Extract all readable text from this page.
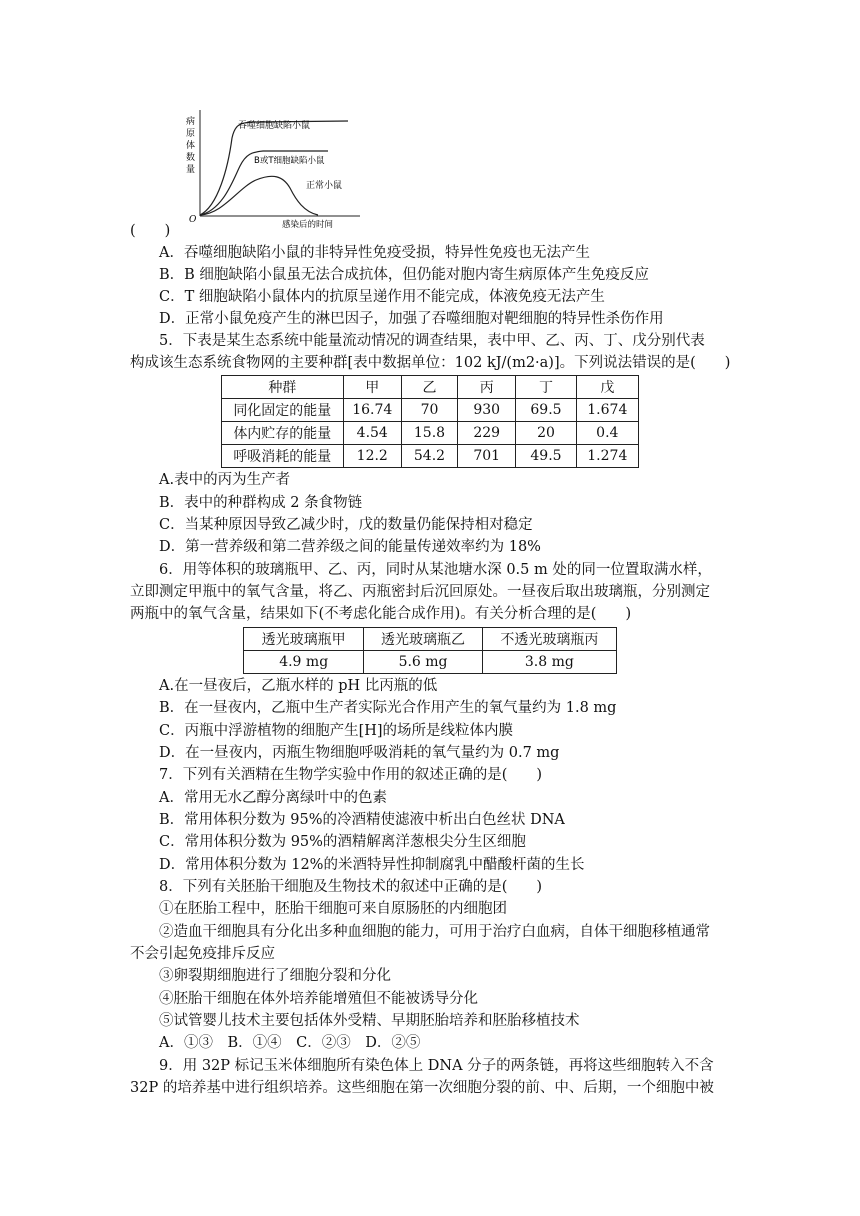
病
原
体
数
量
O
吞噬细胞缺陷小鼠
B或T细胞缺陷小鼠
正常小鼠
感染后的时间
(　　)
A．吞噬细胞缺陷小鼠的非特异性免疫受损，特异性免疫也无法产生
B．B 细胞缺陷小鼠虽无法合成抗体，但仍能对胞内寄生病原体产生免疫反应
C．T 细胞缺陷小鼠体内的抗原呈递作用不能完成，体液免疫无法产生
D．正常小鼠免疫产生的淋巴因子，加强了吞噬细胞对靶细胞的特异性杀伤作用
5．下表是某生态系统中能量流动情况的调查结果，表中甲、乙、丙、丁、戊分别代表
构成该生态系统食物网的主要种群[表中数据单位：102 kJ/(m2·a)]。下列说法错误的是(　　)
种群	甲	乙	丙	丁	戊
同化固定的能量	16.74	70	930	69.5	1.674
体内贮存的能量	4.54	15.8	229	20	0.4
呼吸消耗的能量	12.2	54.2	701	49.5	1.274
A.表中的丙为生产者
B．表中的种群构成 2 条食物链
C．当某种原因导致乙减少时，戊的数量仍能保持相对稳定
D．第一营养级和第二营养级之间的能量传递效率约为 18%
6．用等体积的玻璃瓶甲、乙、丙，同时从某池塘水深 0.5 m 处的同一位置取满水样，
立即测定甲瓶中的氧气含量，将乙、丙瓶密封后沉回原处。一昼夜后取出玻璃瓶，分别测定
两瓶中的氧气含量，结果如下(不考虑化能合成作用)。有关分析合理的是(　　)
透光玻璃瓶甲	透光玻璃瓶乙	不透光玻璃瓶丙
4.9 mg	5.6 mg	3.8 mg
A.在一昼夜后，乙瓶水样的 pH 比丙瓶的低
B．在一昼夜内，乙瓶中生产者实际光合作用产生的氧气量约为 1.8 mg
C．丙瓶中浮游植物的细胞产生[H]的场所是线粒体内膜
D．在一昼夜内，丙瓶生物细胞呼吸消耗的氧气量约为 0.7 mg
7．下列有关酒精在生物学实验中作用的叙述正确的是(　　)
A．常用无水乙醇分离绿叶中的色素
B．常用体积分数为 95%的冷酒精使滤液中析出白色丝状 DNA
C．常用体积分数为 95%的酒精解离洋葱根尖分生区细胞
D．常用体积分数为 12%的米酒特异性抑制腐乳中醋酸杆菌的生长
8．下列有关胚胎干细胞及生物技术的叙述中正确的是(　　)
①在胚胎工程中，胚胎干细胞可来自原肠胚的内细胞团
②造血干细胞具有分化出多种血细胞的能力，可用于治疗白血病，自体干细胞移植通常
不会引起免疫排斥反应
③卵裂期细胞进行了细胞分裂和分化
④胚胎干细胞在体外培养能增殖但不能被诱导分化
⑤试管婴儿技术主要包括体外受精、早期胚胎培养和胚胎移植技术
A．①③　B．①④　C．②③　D．②⑤
9．用 32P 标记玉米体细胞所有染色体上 DNA 分子的两条链，再将这些细胞转入不含
32P 的培养基中进行组织培养。这些细胞在第一次细胞分裂的前、中、后期，一个细胞中被
